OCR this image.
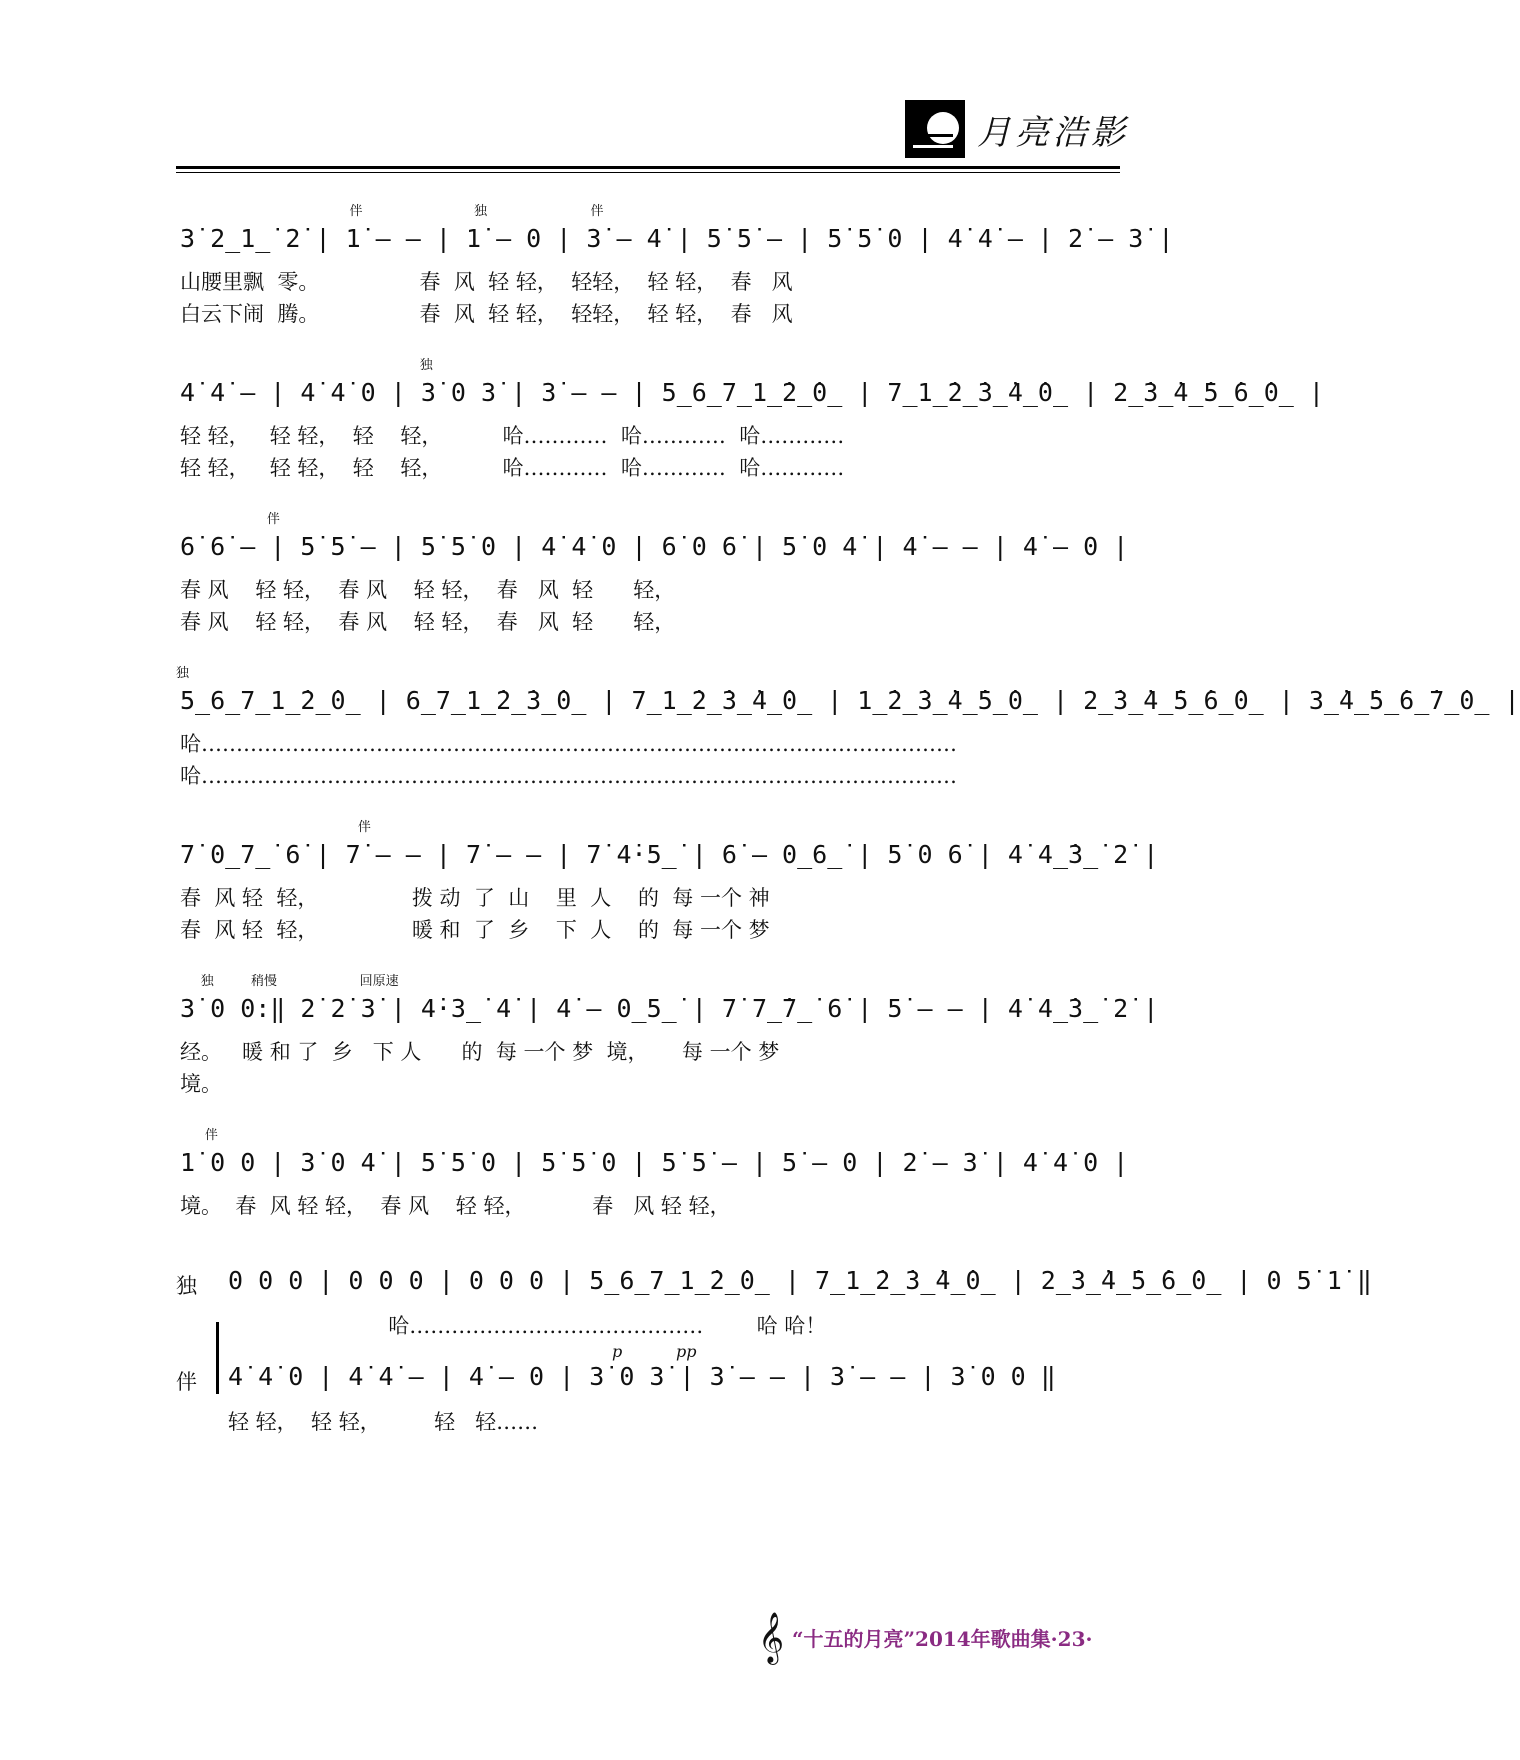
月亮浩影
伴                           独                         伴
3̇ 2̲1̲̇ 2̇ | 1̇ – – | 1̇ – 0 | 3̇ – 4̇ | 5̇ 5̇ – | 5̇ 5̇ 0 | 4̇ 4̇ – | 2̇ – 3̇ |
山腰里飘  零。               春  风  轻 轻，  轻轻，  轻 轻，  春   风
白云下闹  腾。               春  风  轻 轻，  轻轻，  轻 轻，  春   风
独
4̇ 4̇ – | 4̇ 4̇ 0 | 3̇ 0 3̇ | 3̇ – – | 5̲6̲7̲1̲̇2̲̇0̲ | 7̲1̲̇2̲̇3̲̇4̲̇0̲ | 2̲̇3̲̇4̲̇5̲̇6̲̇0̲ |
轻 轻，   轻 轻，  轻    轻，         哈…………  哈…………  哈…………
轻 轻，   轻 轻，  轻    轻，         哈…………  哈…………  哈…………
伴
6̇ 6̇ – | 5̇ 5̇ – | 5̇ 5̇ 0 | 4̇ 4̇ 0 | 6̇ 0 6̇ | 5̇ 0 4̇ | 4̇ – – | 4̇ – 0 |
春 风    轻 轻，  春 风    轻 轻，  春   风  轻      轻，
春 风    轻 轻，  春 风    轻 轻，  春   风  轻      轻，
独
5̲6̲7̲1̲̇2̲̇0̲ | 6̲7̲1̲̇2̲̇3̲̇0̲ | 7̲1̲̇2̲̇3̲̇4̲̇0̲ | 1̲̇2̲̇3̲̇4̲̇5̲̇0̲ | 2̲̇3̲̇4̲̇5̲̇6̲̇0̲ | 3̲̇4̲̇5̲̇6̲̇7̲̇0̲ |
哈………………………………………………………………………………………………
哈………………………………………………………………………………………………
伴
7̇ 0̲7̲̇ 6̇ | 7̇ – – | 7̇ – – | 7̇ 4̇·5̲̇ | 6̇ – 0̲6̲̇ | 5̇ 0 6̇ | 4̇ 4̲̇3̲̇ 2̇ |
春  风 轻  轻，              拨 动  了  山    里  人    的  每 一个 神
春  风 轻  轻，              暖 和  了  乡    下  人    的  每 一个 梦
独         稍慢                    回原速
3̇ 0 0:‖ 2̇ 2̇ 3̇ | 4̇·3̲̇ 4̇ | 4̇ – 0̲5̲̇ | 7̇ 7̲̇7̲̇ 6̇ | 5̇ – – | 4̇ 4̲̇3̲̇ 2̇ |
经。   暖 和 了  乡   下 人      的  每 一个 梦  境，     每 一个 梦
境。
伴
1̇ 0 0 | 3̇ 0 4̇ | 5̇ 5̇ 0 | 5̇ 5̇ 0 | 5̇ 5̇ – | 5̇ – 0 | 2̇ – 3̇ | 4̇ 4̇ 0 |
境。  春  风 轻 轻，  春 风    轻 轻，          春   风 轻 轻，
独 0 0 0 | 0 0 0 | 0 0 0 | 5̲6̲7̲1̲̇2̲̇0̲ | 7̲1̲̇2̲̇3̲̇4̲̇0̲ | 2̲̇3̲̇4̲̇5̲̇6̲̇0̲ | 0 5̇ 1̇ ‖
哈……………………………………        哈 哈！
p	pp
伴 4̇ 4̇ 0 | 4̇ 4̇ – | 4̇ – 0 | 3̇ 0 3̇ | 3̇ – – | 3̇ – – | 3̇ 0 0 ‖
轻 轻，  轻 轻，        轻   轻……
𝄞 “十五的月亮”2014年歌曲集·23·
